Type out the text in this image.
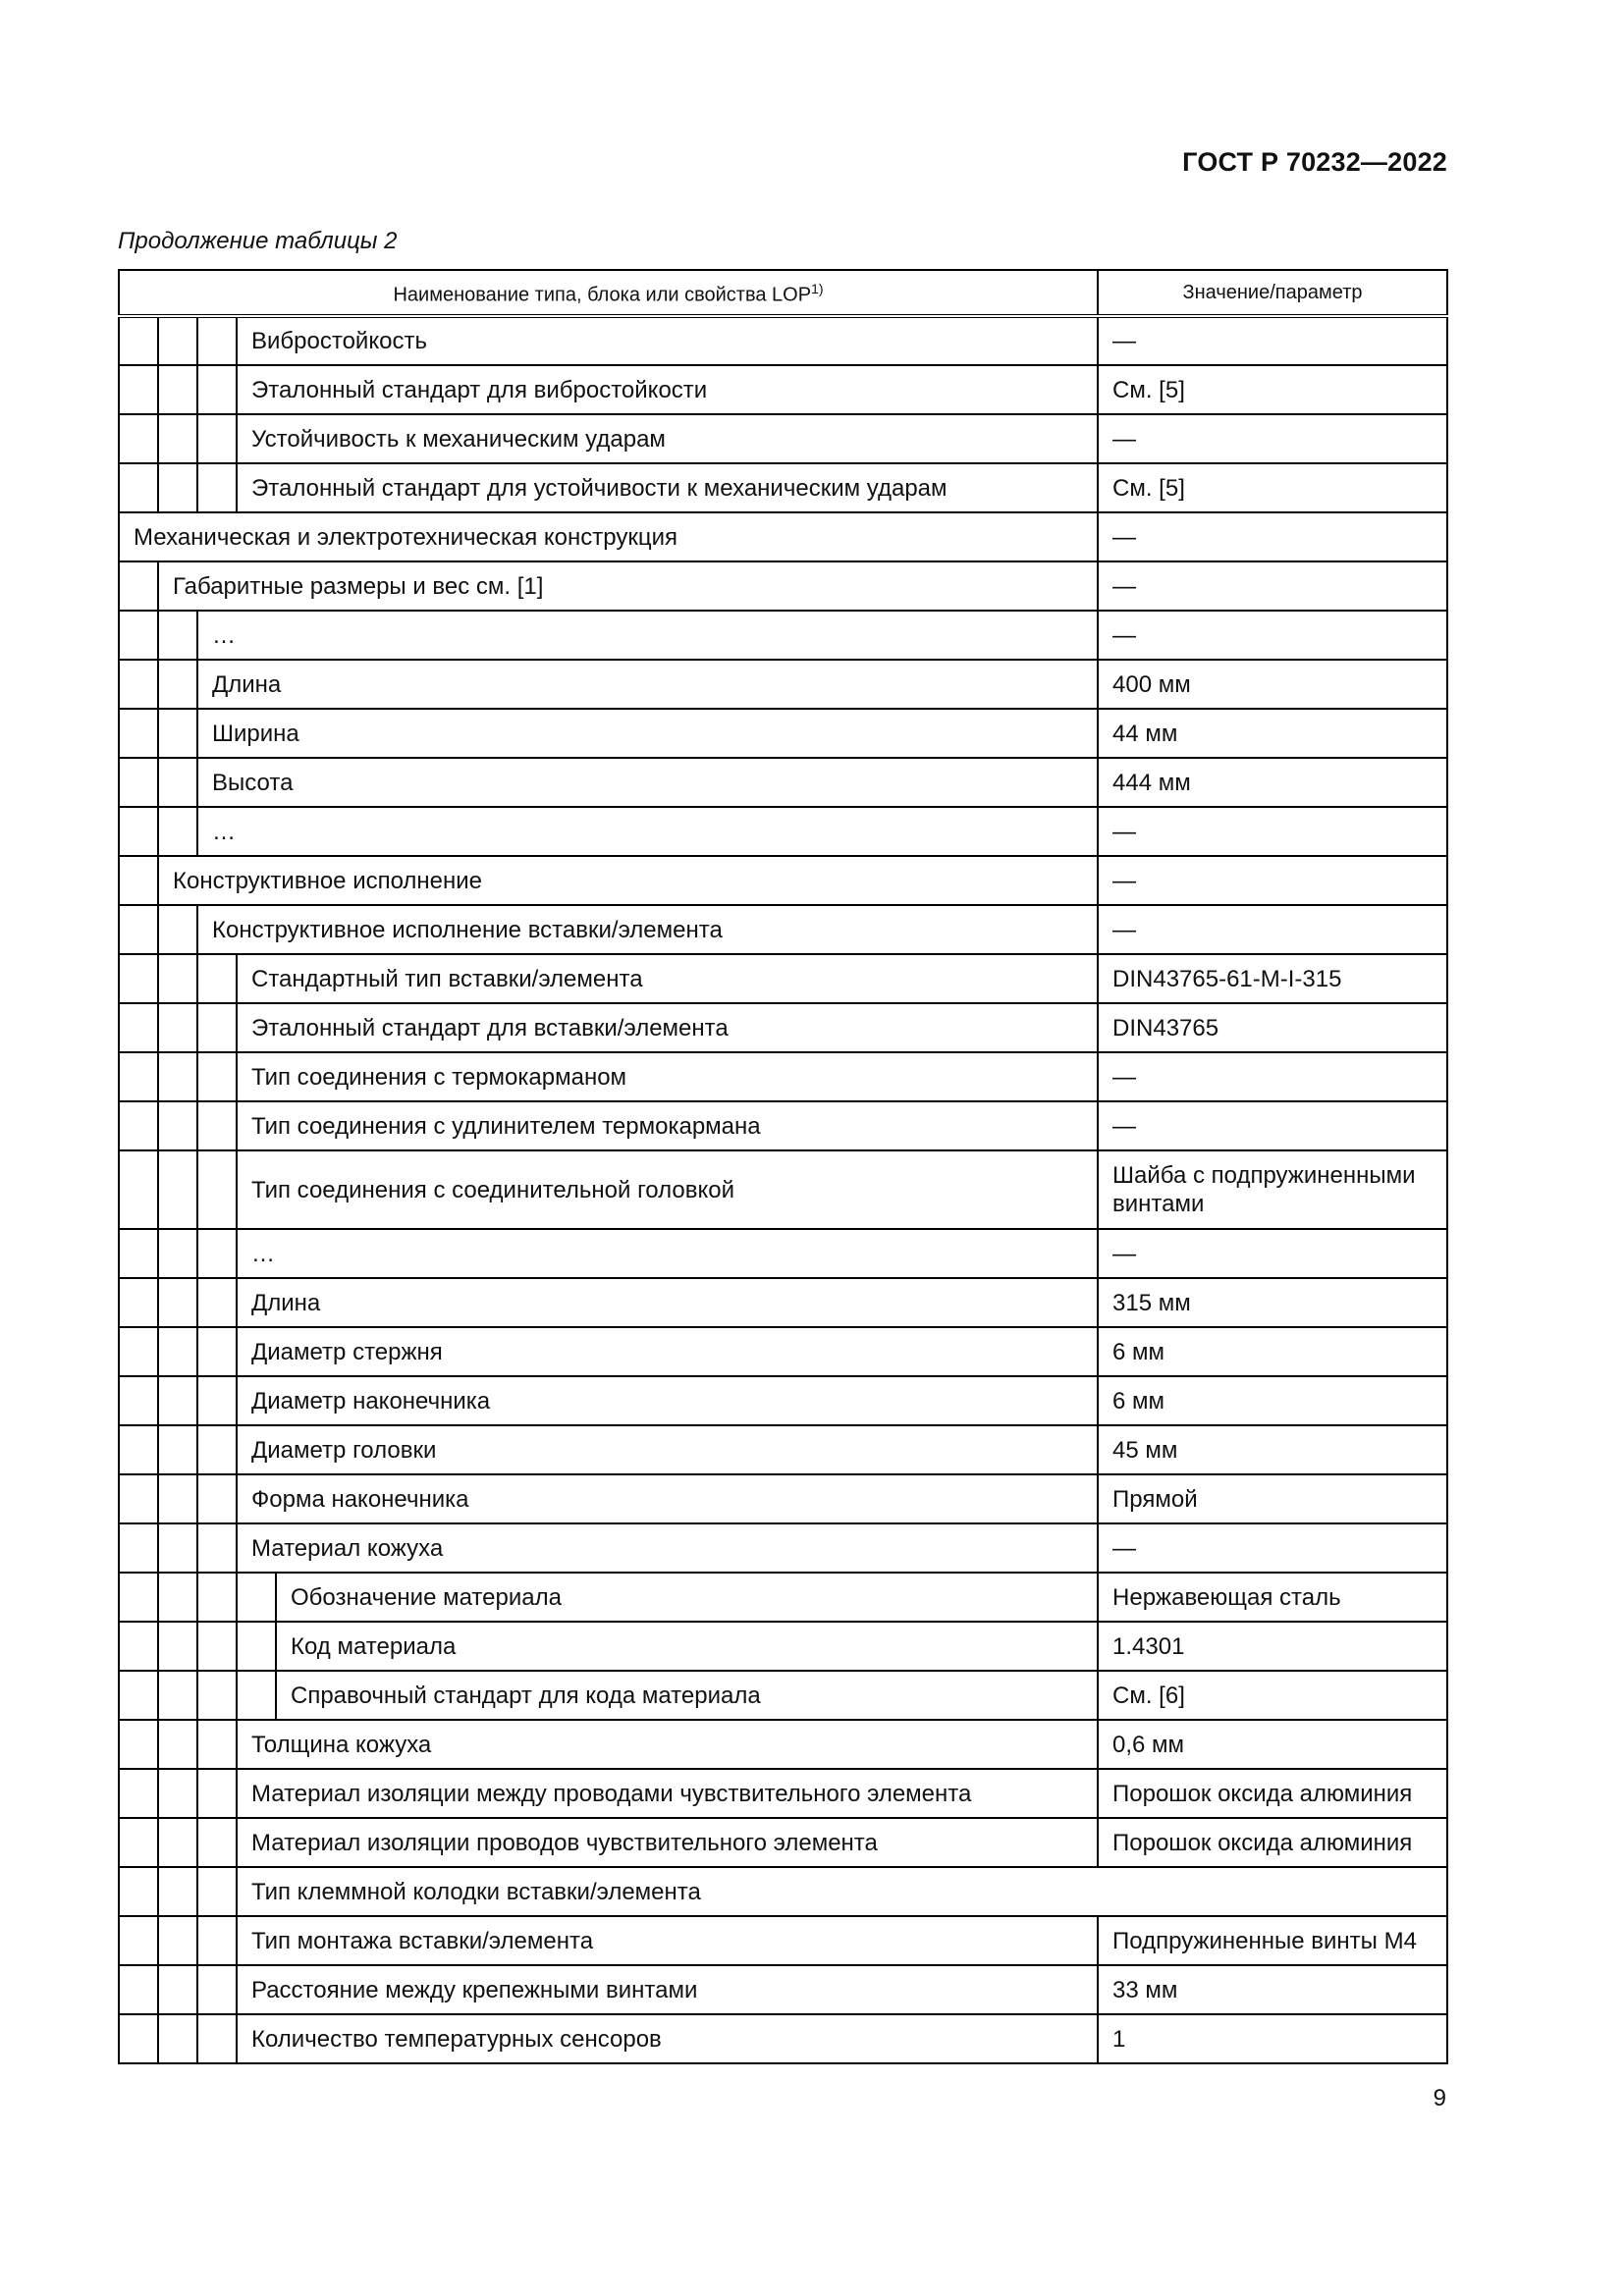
ГОСТ Р 70232—2022
Продолжение таблицы 2
Наименование типа, блока или свойства LOP$^{1)}$					Значение/параметр
			Вибростойкость		—
			Эталонный стандарт для вибростойкости		См. [5]
			Устойчивость к механическим ударам		—
			Эталонный стандарт для устойчивости к механическим ударам		См. [5]
Механическая и электротехническая конструкция					—
	Габаритные размеры и вес см. [1]				—
		…			—
		Длина			400 мм
		Ширина			44 мм
		Высота			444 мм
		…			—
	Конструктивное исполнение				—
		Конструктивное исполнение вставки/элемента			—
			Стандартный тип вставки/элемента		DIN43765-61-M-I-315
			Эталонный стандарт для вставки/элемента		DIN43765
			Тип соединения с термокарманом		—
			Тип соединения с удлинителем термокармана		—
			Тип соединения с соединительной головкой		Шайба с подпружиненными винтами
			…		—
			Длина		315 мм
			Диаметр стержня		6 мм
			Диаметр наконечника		6 мм
			Диаметр головки		45 мм
			Форма наконечника		Прямой
			Материал кожуха		—
				Обозначение материала	Нержавеющая сталь
				Код материала	1.4301
				Справочный стандарт для кода материала	См. [6]
			Толщина кожуха		0,6 мм
			Материал изоляции между проводами чувствительного элемента		Порошок оксида алюминия
			Материал изоляции проводов чувствительного элемента		Порошок оксида алюминия
			Тип клеммной колодки вставки/элемента		
			Тип монтажа вставки/элемента		Подпружиненные винты М4
			Расстояние между крепежными винтами		33 мм
			Количество температурных сенсоров		1
9
